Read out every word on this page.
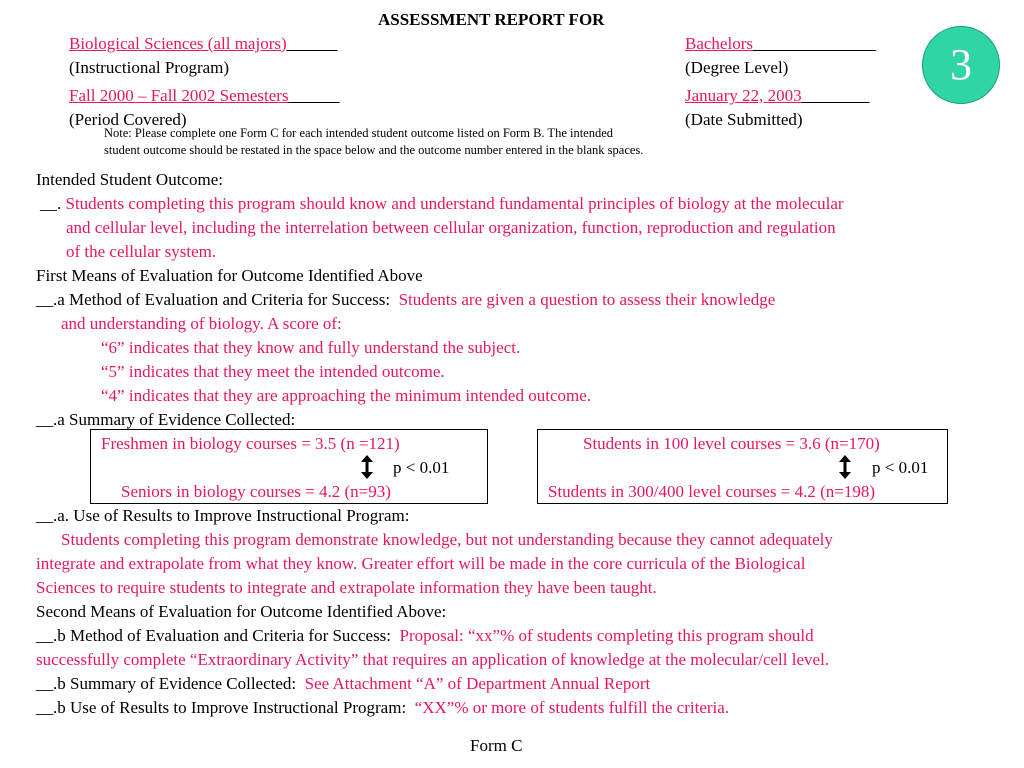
ASSESSMENT REPORT FOR
Biological Sciences (all majors)
(Instructional Program)
Bachelors
(Degree Level)
Fall 2000 – Fall 2002 Semesters
(Period Covered)
January 22, 2003
(Date Submitted)
3
Note: Please complete one Form C for each intended student outcome listed on Form B. The intended
student outcome should be restated in the space below and the outcome number entered in the blank spaces.
Intended Student Outcome:
__. Students completing this program should know and understand fundamental principles of biology at the molecular
and cellular level, including the interrelation between cellular organization, function, reproduction and regulation
of the cellular system.
First Means of Evaluation for Outcome Identified Above
__.a Method of Evaluation and Criteria for Success: Students are given a question to assess their knowledge
and understanding of biology. A score of:
“6” indicates that they know and fully understand the subject.
“5” indicates that they meet the intended outcome.
“4” indicates that they are approaching the minimum intended outcome.
__.a Summary of Evidence Collected:
Freshmen in biology courses = 3.5 (n =121)
p < 0.01
Seniors in biology courses = 4.2 (n=93)
Students in 100 level courses = 3.6 (n=170)
p < 0.01
Students in 300/400 level courses = 4.2 (n=198)
__.a. Use of Results to Improve Instructional Program:
Students completing this program demonstrate knowledge, but not understanding because they cannot adequately
integrate and extrapolate from what they know. Greater effort will be made in the core curricula of the Biological
Sciences to require students to integrate and extrapolate information they have been taught.
Second Means of Evaluation for Outcome Identified Above:
__.b Method of Evaluation and Criteria for Success: Proposal: “xx”% of students completing this program should
successfully complete “Extraordinary Activity” that requires an application of knowledge at the molecular/cell level.
__.b Summary of Evidence Collected: See Attachment “A” of Department Annual Report
__.b Use of Results to Improve Instructional Program: “XX”% or more of students fulfill the criteria.
Form C
